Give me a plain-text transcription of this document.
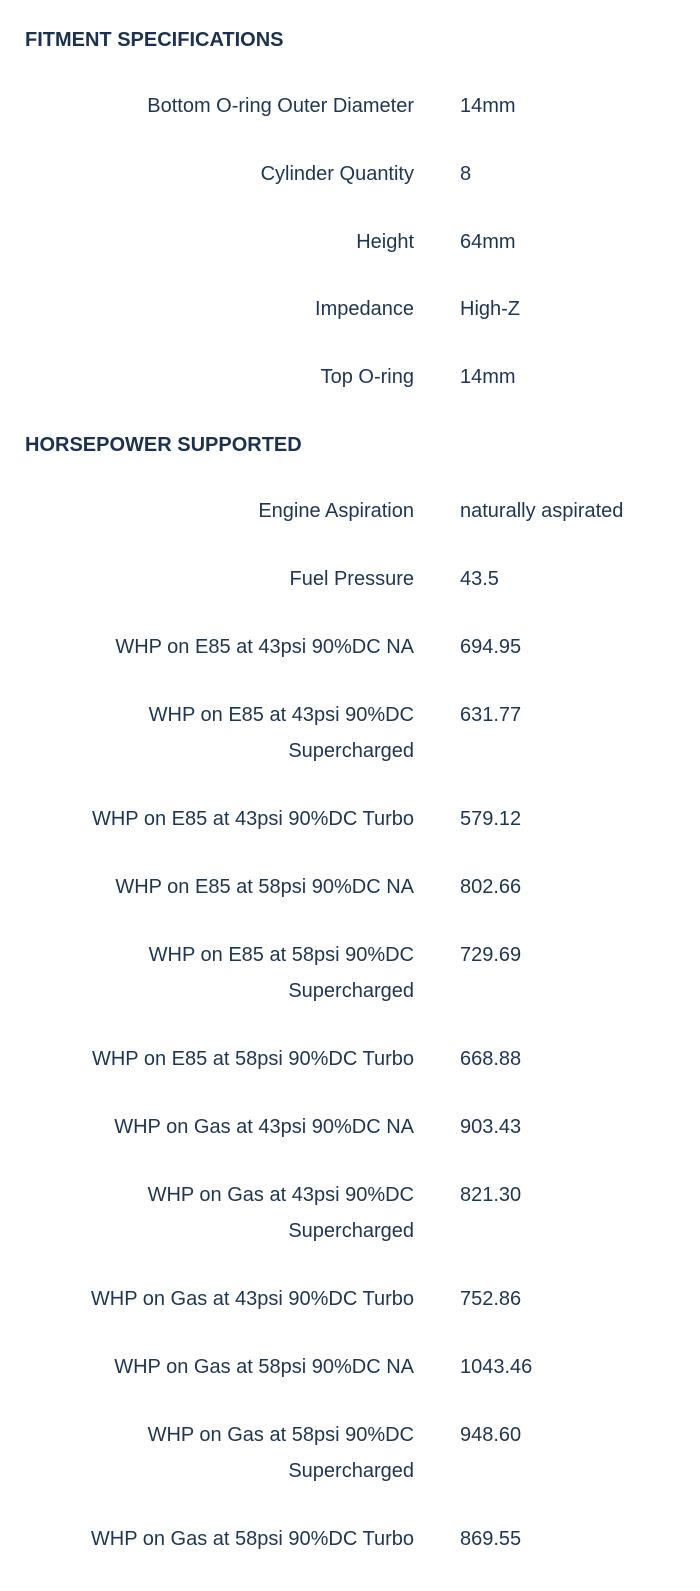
FITMENT SPECIFICATIONS
Bottom O-ring Outer Diameter 14mm
Cylinder Quantity 8
Height 64mm
Impedance High-Z
Top O-ring 14mm
HORSEPOWER SUPPORTED
Engine Aspiration naturally aspirated
Fuel Pressure 43.5
WHP on E85 at 43psi 90%DC NA 694.95
WHP on E85 at 43psi 90%DC Supercharged
631.77
WHP on E85 at 43psi 90%DC Turbo 579.12
WHP on E85 at 58psi 90%DC NA 802.66
WHP on E85 at 58psi 90%DC Supercharged
729.69
WHP on E85 at 58psi 90%DC Turbo 668.88
WHP on Gas at 43psi 90%DC NA 903.43
WHP on Gas at 43psi 90%DC Supercharged
821.30
WHP on Gas at 43psi 90%DC Turbo 752.86
WHP on Gas at 58psi 90%DC NA 1043.46
WHP on Gas at 58psi 90%DC Supercharged
948.60
WHP on Gas at 58psi 90%DC Turbo 869.55
